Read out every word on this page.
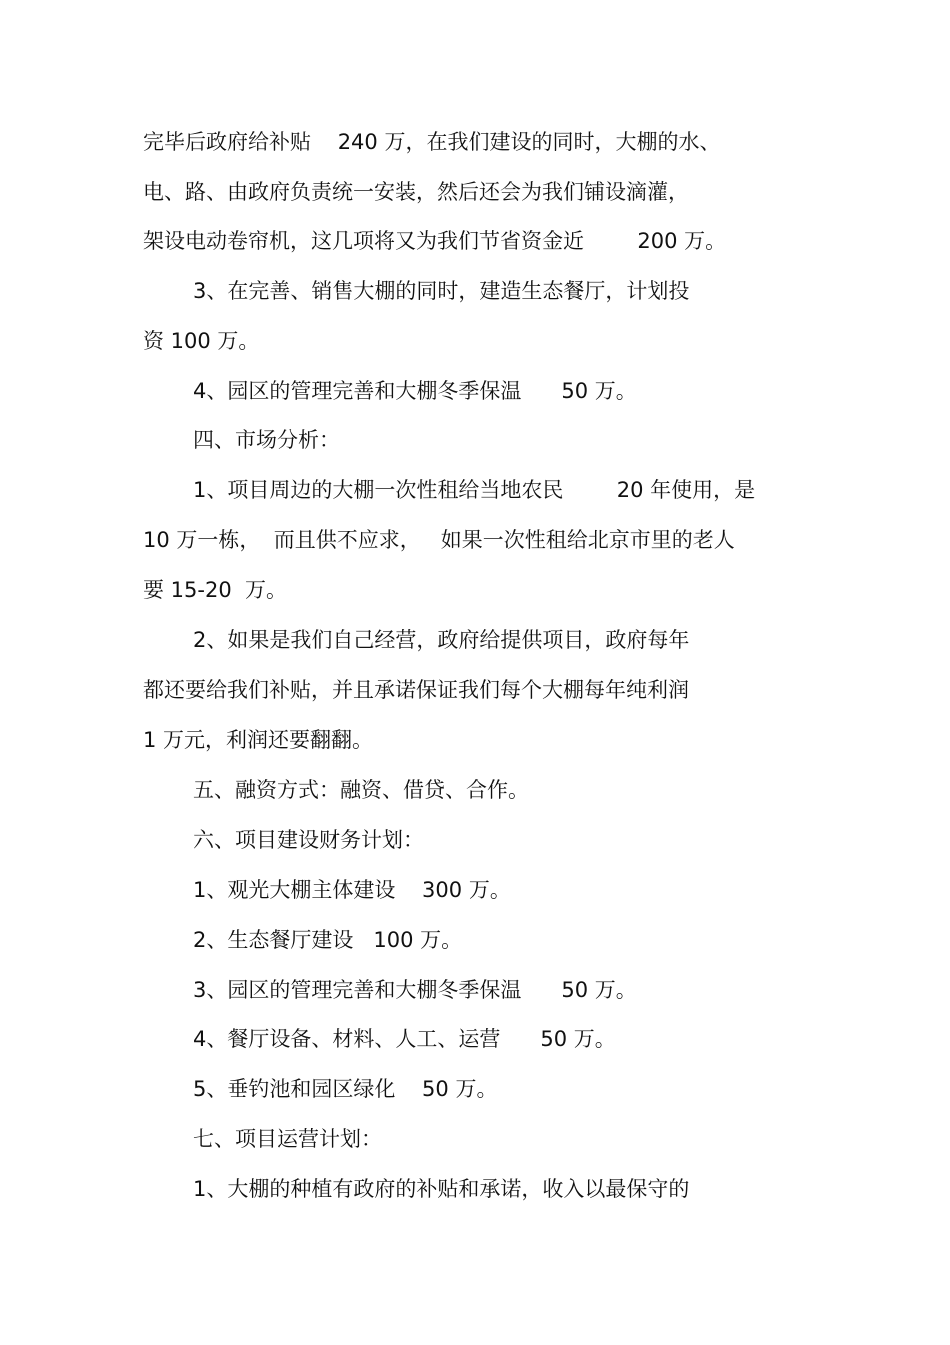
完毕后政府给补贴    240 万，在我们建设的同时，大棚的水、
电、路、由政府负责统一安装，然后还会为我们铺设滴灌，
架设电动卷帘机，这几项将又为我们节省资金近        200 万。
3、在完善、销售大棚的同时，建造生态餐厅，计划投
资 100 万。
4、园区的管理完善和大棚冬季保温      50 万。
四、市场分析：
1、项目周边的大棚一次性租给当地农民        20 年使用，是
10 万一栋，  而且供不应求，   如果一次性租给北京市里的老人
要 15-20  万。
2、如果是我们自己经营，政府给提供项目，政府每年
都还要给我们补贴，并且承诺保证我们每个大棚每年纯利润
1 万元，利润还要翻翻。
五、融资方式：融资、借贷、合作。
六、项目建设财务计划：
1、观光大棚主体建设    300 万。
2、生态餐厅建设   100 万。
3、园区的管理完善和大棚冬季保温      50 万。
4、餐厅设备、材料、人工、运营      50 万。
5、垂钓池和园区绿化    50 万。
七、项目运营计划：
1、大棚的种植有政府的补贴和承诺，收入以最保守的
